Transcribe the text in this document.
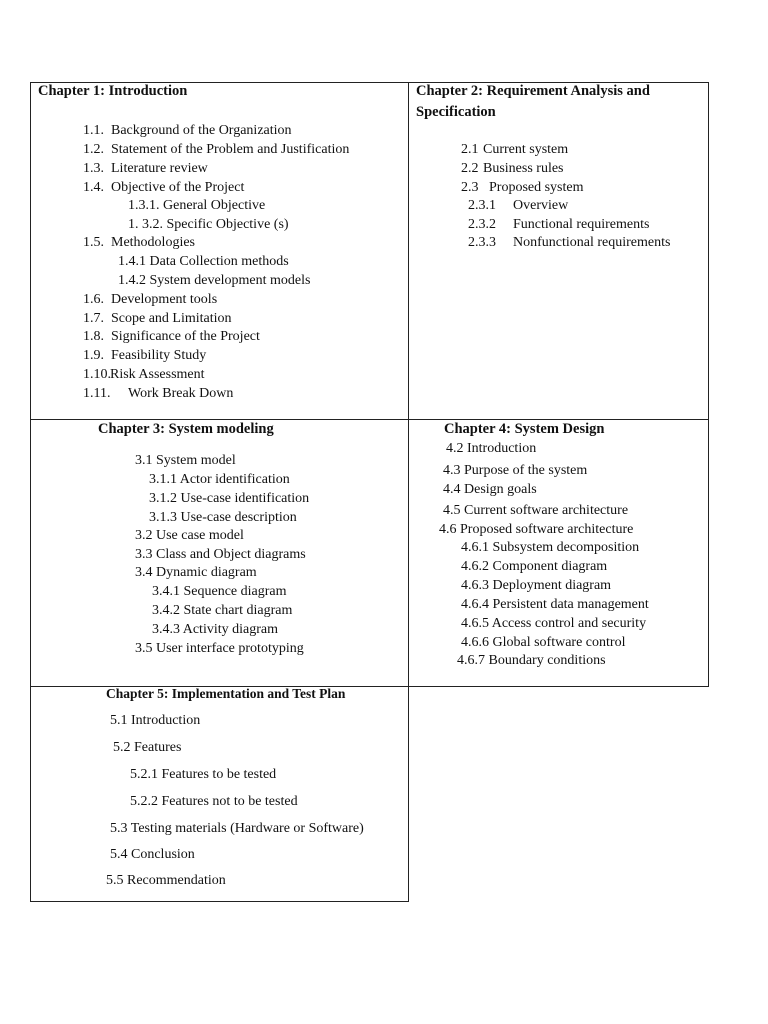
Chapter 1: Introduction
1.1. Background of the Organization
1.2. Statement of the Problem and Justification
1.3. Literature review
1.4. Objective of the Project
1.3.1. General Objective
1. 3.2. Specific Objective (s)
1.5. Methodologies
1.4.1 Data Collection methods
1.4.2 System development models
1.6. Development tools
1.7. Scope and Limitation
1.8. Significance of the Project
1.9. Feasibility Study
1.10. Risk Assessment
1.11. Work Break Down
Chapter 2: Requirement Analysis and
Specification
2.1 Current system
2.2 Business rules
2.3 Proposed system
2.3.1 Overview
2.3.2 Functional requirements
2.3.3 Nonfunctional requirements
Chapter 3: System modeling
3.1 System model
3.1.1 Actor identification
3.1.2 Use-case identification
3.1.3 Use-case description
3.2 Use case model
3.3 Class and Object diagrams
3.4 Dynamic diagram
3.4.1 Sequence diagram
3.4.2 State chart diagram
3.4.3 Activity diagram
3.5 User interface prototyping
Chapter 4: System Design
4.2 Introduction
4.3 Purpose of the system
4.4 Design goals
4.5 Current software architecture
4.6 Proposed software architecture
4.6.1 Subsystem decomposition
4.6.2 Component diagram
4.6.3 Deployment diagram
4.6.4 Persistent data management
4.6.5 Access control and security
4.6.6 Global software control
4.6.7 Boundary conditions
Chapter 5: Implementation and Test Plan
5.1 Introduction
5.2 Features
5.2.1 Features to be tested
5.2.2 Features not to be tested
5.3 Testing materials (Hardware or Software)
5.4 Conclusion
5.5 Recommendation
